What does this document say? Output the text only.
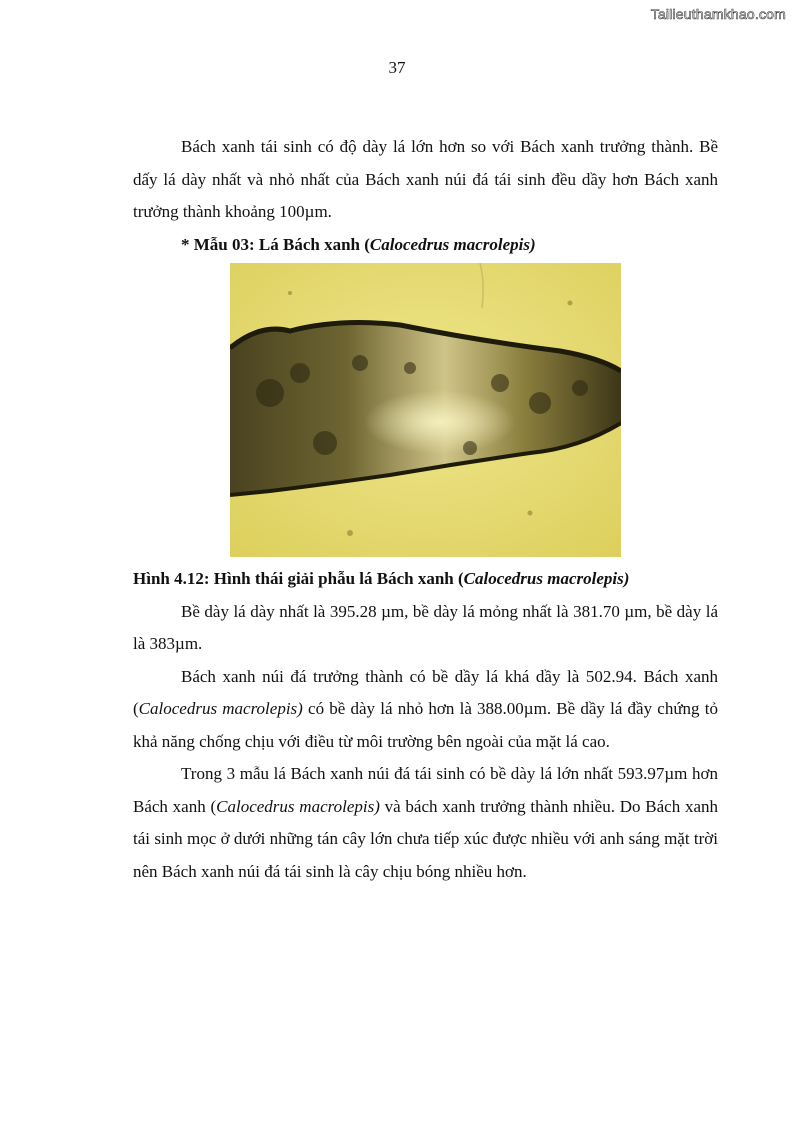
Tailieuthamkhao.com
37

Bách xanh tái sinh có độ dày lá lớn hơn so với Bách xanh trưởng thành. Bề dấy lá dày nhất và nhỏ nhất của Bách xanh núi đá tái sinh đều dầy hơn Bách xanh trưởng thành khoảng 100µm.

* Mẫu 03: Lá Bách xanh (Calocedrus macrolepis)

Hình 4.12: Hình thái giải phẫu lá Bách xanh (Calocedrus macrolepis)

Bề dày lá dày nhất là 395.28 µm, bề dày lá mỏng nhất là 381.70 µm, bề dày lá là 383µm.

Bách xanh núi đá trưởng thành có bề dầy lá khá dầy là 502.94. Bách xanh (Calocedrus macrolepis) có bề dày lá nhỏ hơn là 388.00µm. Bề dầy lá đầy chứng tỏ khả năng chống chịu với điều từ môi trường bên ngoài của mặt lá cao.

Trong 3 mẫu lá Bách xanh núi đá tái sinh có bề dày lá lớn nhất 593.97µm hơn Bách xanh (Calocedrus macrolepis) và bách xanh trưởng thành nhiều. Do Bách xanh tái sinh mọc ở dưới những tán cây lớn chưa tiếp xúc được nhiều với anh sáng mặt trời nên Bách xanh núi đá tái sinh là cây chịu bóng nhiều hơn.
